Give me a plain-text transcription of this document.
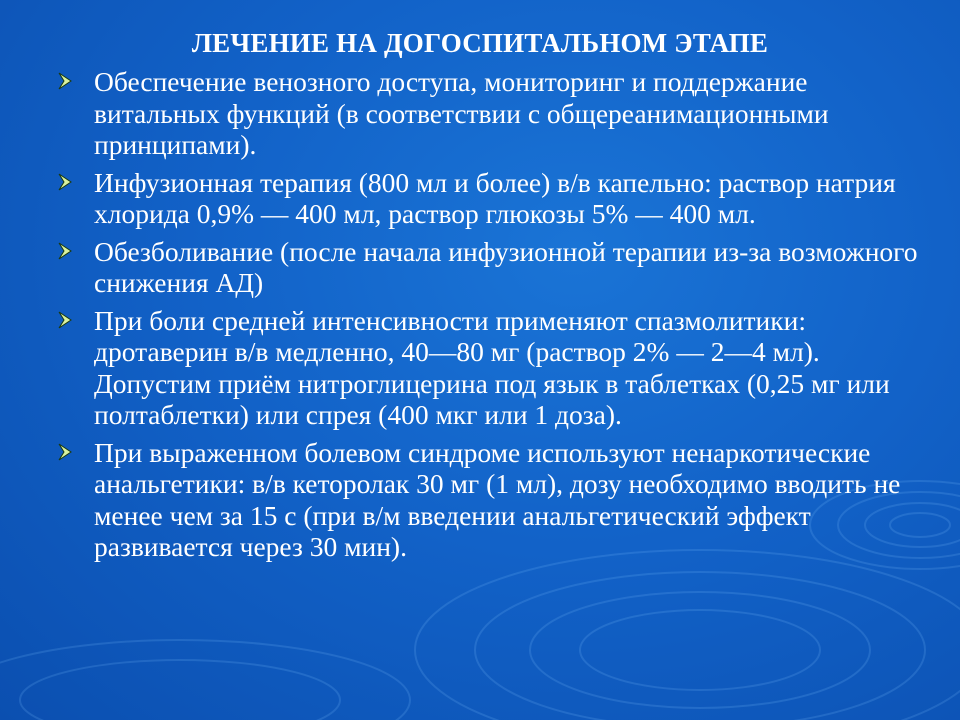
ЛЕЧЕНИЕ НА ДОГОСПИТАЛЬНОМ ЭТАПЕ
Обеспечение венозного доступа, мониторинг и поддержание витальных функций (в соответствии с общереанимационными принципами).
Инфузионная терапия (800 мл и более) в/в капельно: раствор натрия хлорида 0,9% — 400 мл, раствор глюкозы 5% — 400 мл.
Обезболивание (после начала инфузионной терапии из-за возможного снижения АД)
При боли средней интенсивности применяют спазмолитики: дротаверин в/в медленно, 40—80 мг (раствор 2% — 2—4 мл). Допустим приём нитроглицерина под язык в таблетках (0,25 мг или полтаблетки) или спрея (400 мкг или 1 доза).
При выраженном болевом синдроме используют ненаркотические анальгетики: в/в кеторолак 30 мг (1 мл), дозу необходимо вводить не менее чем за 15 с (при в/м введении анальгетический эффект развивается через 30 мин).
